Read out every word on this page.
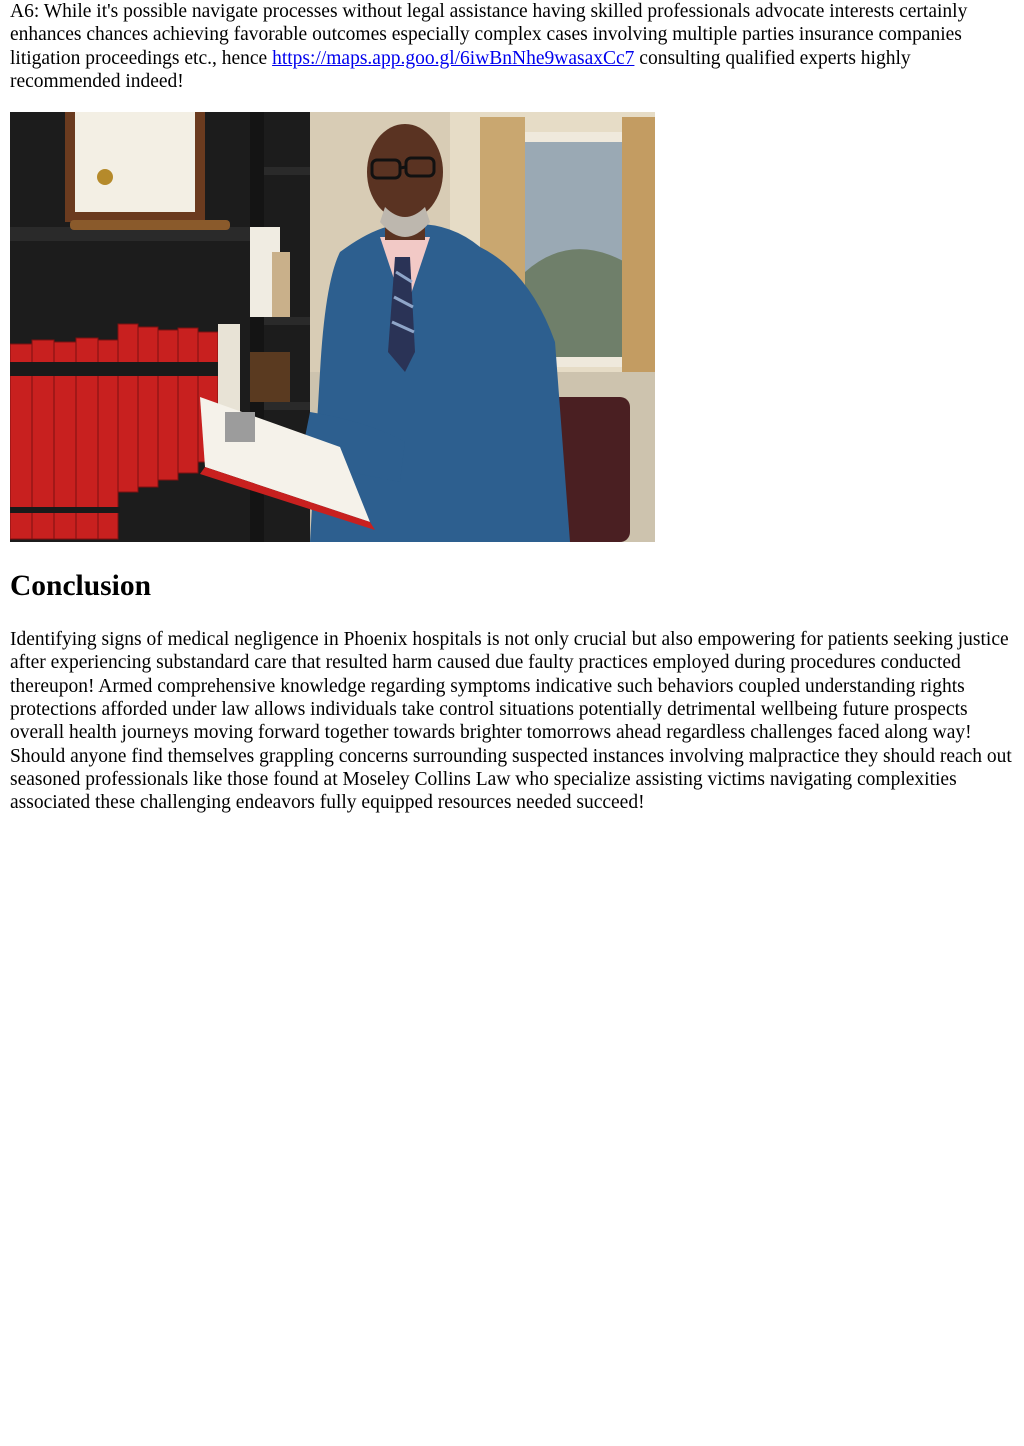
A6: While it's possible navigate processes without legal assistance having skilled professionals advocate interests certainly enhances chances achieving favorable outcomes especially complex cases involving multiple parties insurance companies litigation proceedings etc., hence https://maps.app.goo.gl/6iwBnNhe9wasaxCc7 consulting qualified experts highly recommended indeed!

Conclusion

Identifying signs of medical negligence in Phoenix hospitals is not only crucial but also empowering for patients seeking justice after experiencing substandard care that resulted harm caused due faulty practices employed during procedures conducted thereupon! Armed comprehensive knowledge regarding symptoms indicative such behaviors coupled understanding rights protections afforded under law allows individuals take control situations potentially detrimental wellbeing future prospects overall health journeys moving forward together towards brighter tomorrows ahead regardless challenges faced along way! Should anyone find themselves grappling concerns surrounding suspected instances involving malpractice they should reach out seasoned professionals like those found at Moseley Collins Law who specialize assisting victims navigating complexities associated these challenging endeavors fully equipped resources needed succeed!
